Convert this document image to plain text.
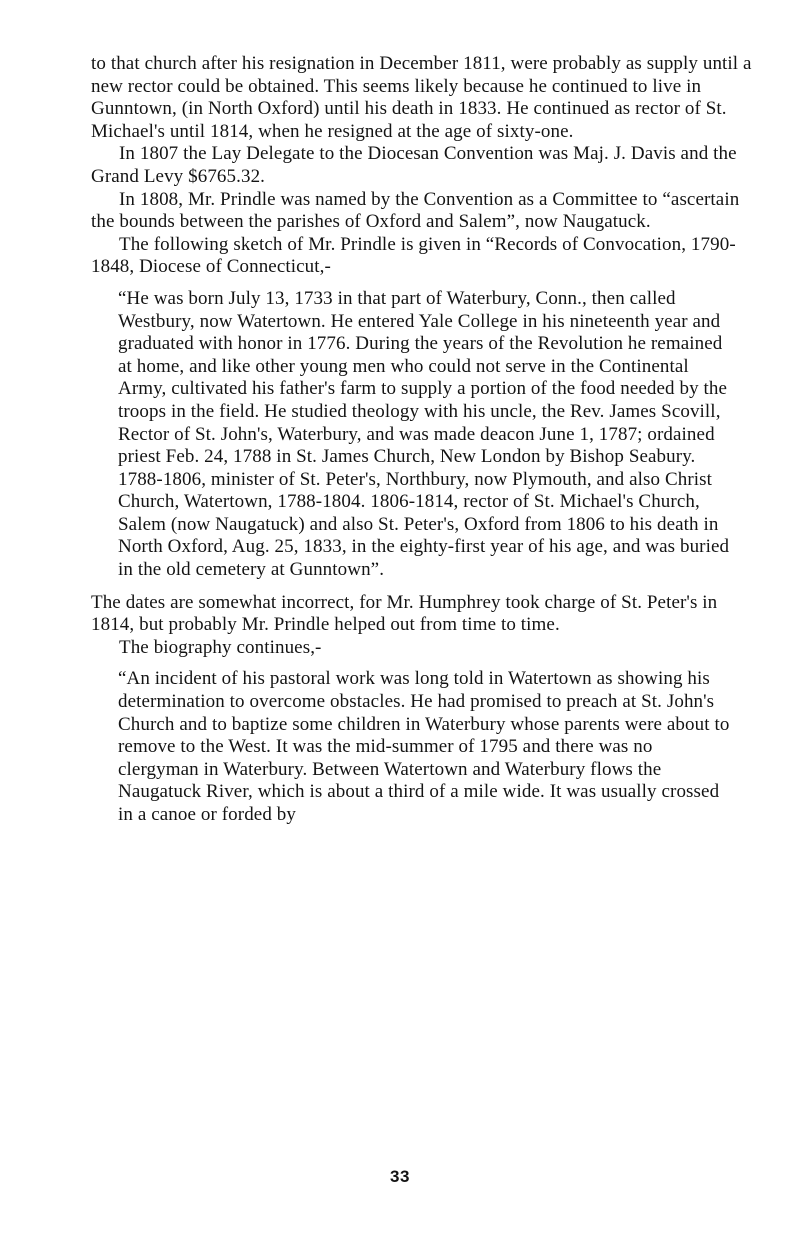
to that church after his resignation in December 1811, were probably as supply until a new rector could be obtained. This seems likely because he continued to live in Gunntown, (in North Oxford) until his death in 1833. He continued as rector of St. Michael's until 1814, when he resigned at the age of sixty-one.

In 1807 the Lay Delegate to the Diocesan Convention was Maj. J. Davis and the Grand Levy $6765.32.

In 1808, Mr. Prindle was named by the Convention as a Committee to “ascertain the bounds between the parishes of Oxford and Salem”, now Naugatuck.

The following sketch of Mr. Prindle is given in “Records of Convocation, 1790-1848, Diocese of Connecticut,-

“He was born July 13, 1733 in that part of Waterbury, Conn., then called Westbury, now Watertown. He entered Yale College in his nineteenth year and graduated with honor in 1776. During the years of the Revolution he remained at home, and like other young men who could not serve in the Continental Army, cultivated his father's farm to supply a portion of the food needed by the troops in the field. He studied theology with his uncle, the Rev. James Scovill, Rector of St. John's, Waterbury, and was made deacon June 1, 1787; ordained priest Feb. 24, 1788 in St. James Church, New London by Bishop Seabury. 1788-1806, minister of St. Peter's, Northbury, now Plymouth, and also Christ Church, Watertown, 1788-1804. 1806-1814, rector of St. Michael's Church, Salem (now Naugatuck) and also St. Peter's, Oxford from 1806 to his death in North Oxford, Aug. 25, 1833, in the eighty-first year of his age, and was buried in the old cemetery at Gunntown”.

The dates are somewhat incorrect, for Mr. Humphrey took charge of St. Peter's in 1814, but probably Mr. Prindle helped out from time to time.

The biography continues,-

“An incident of his pastoral work was long told in Watertown as showing his determination to overcome obstacles. He had promised to preach at St. John's Church and to baptize some children in Waterbury whose parents were about to remove to the West. It was the mid-summer of 1795 and there was no clergyman in Waterbury. Between Watertown and Waterbury flows the Naugatuck River, which is about a third of a mile wide. It was usually crossed in a canoe or forded by

33
